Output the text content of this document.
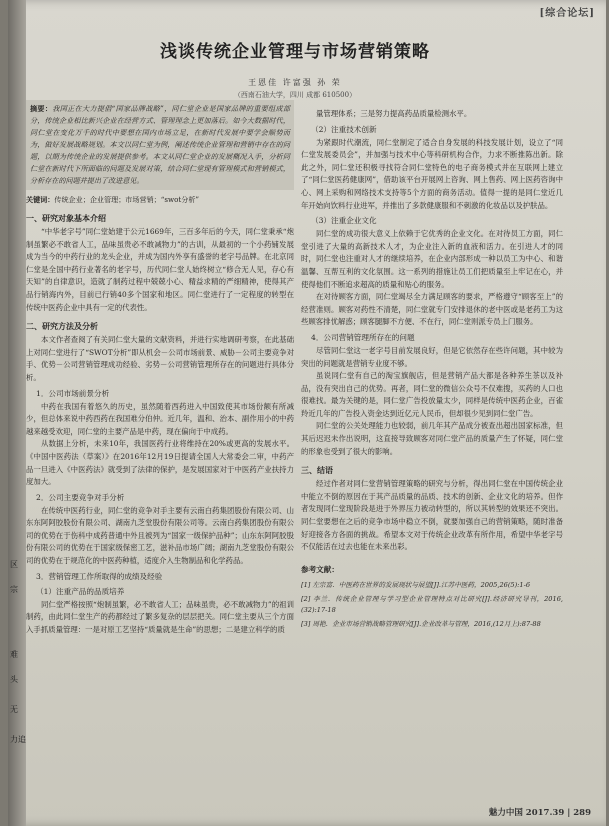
区
宗
难
头
无
力追
[综合论坛]
浅谈传统企业管理与市场营销策略
王恩佳 许富强 孙 荣
（西南石油大学，四川 成都 610500）

摘要：我国正在大力提倡“国家品牌战略”，同仁堂企业是国家品牌的重要组成部分，传统企业相比新兴企业在经营方式、管理理念上更加落后。如今大数据时代，同仁堂在变化万千的时代中要想在国内市场立足，在新时代发展中要学会顺势而为，做好发展战略规划。本文以同仁堂为例，阐述传统企业管理和营销中存在的问题，以期为传统企业的发展提供参考。本文从同仁堂企业的发展概况入手，分析同仁堂在新时代下所面临的问题及发展对策，结合同仁堂现有管理模式和营销模式，分析存在的问题并提出了改进意见。

关键词：传统企业；企业管理；市场营销；“swot分析”
一、研究对象基本介绍

“中华老字号”同仁堂始建于公元1669年，三百多年后的今天，同仁堂秉承“炮制虽繁必不敢省人工，品味虽贵必不敢减物力”的古训，从最初的一个小药铺发展成为当今的中药行业的龙头企业，并成为国内外享有盛誉的老字号品牌。在北京同仁堂是全国中药行业著名的老字号，历代同仁堂人始终树立“修合无人见，存心有天知”的自律意识，造就了制药过程中兢兢小心、精益求精的严细精神，使得其产品行销海内外，目前已行销40多个国家和地区。同仁堂进行了一定程度的转型在传统中医药企业中具有一定的代表性。

二、研究方法及分析

本文作者查阅了有关同仁堂大量的文献资料，并进行实地调研考察，在此基础上对同仁堂进行了“SWOT分析”即从机会－公司市场前景、威胁－公司主要竞争对手、优势－公司营销管理成功经验、劣势－公司营销管理所存在的问题进行具体分析。

1．公司市场前景分析

中药在我国有着悠久的历史，虽然随着西药进入中国致使其市场份额有所减少，但总体来说中药西药在我国难分伯仲。近几年，温和、治本、副作用小的中药越来越受欢迎，同仁堂的主要产品是中药，现在偏向于中成药。

从数据上分析，未来10年，我国医药行业将维持在20%或更高的发展水平。《中国中医药法（草案）》在2016年12月19日提请全国人大常委会二审，中药产品一旦进入《中医药法》就受到了法律的保护，是发展国家对于中医药产业扶持力度加大。

2．公司主要竞争对手分析

在传统中医药行业，同仁堂的竞争对手主要有云南白药集团股份有限公司、山东东阿阿胶股份有限公司、湖南九芝堂股份有限公司等。云南白药集团股份有限公司的优势在于伤科中成药普通中外且被列为“国家一级保护品种”；山东东阿阿胶股份有限公司的优势在于国家级保密工艺，滋补品市场广阔；湖南九芝堂股份有限公司的优势在于规范化的中医药种植，适度介入生物制品和化学药品。

3．营销管理工作所取得的成绩及经验
（1）注重产品的品质培养

同仁堂严格按照“炮制虽繁，必不敢省人工；品味虽贵，必不敢减物力”的祖训制药，由此同仁堂生产的药都经过了繁多复杂的层层把关。同仁堂主要从三个方面入手抓质量管理：一是对原工艺坚持“质量就是生命”的思想；二是建立科学的质

量管理体系；三是努力提高药品质量检测水平。

（2）注重技术创新

为紧跟时代潮流，同仁堂制定了适合自身发展的科技发展计划，设立了“同仁堂发展委员会”，并加强与技术中心等科研机构合作，力求不断推陈出新。除此之外，同仁堂还积极寻找符合同仁堂特色的电子商务模式并在互联网上建立了“同仁堂医药健康网”，借助该平台开展网上咨询、网上售药、网上医药咨询中心、网上采购和网络技术支持等5个方面的商务活动。值得一提的是同仁堂近几年开始向饮料行业进军，并推出了多款健康服和不刺激的化妆品以及护肤品。

（3）注重企业文化

同仁堂的成功很大意义上依赖于它优秀的企业文化。在对待员工方面，同仁堂引进了大量的高新技术人才，为企业注入新的血液和活力。在引进人才的同时，同仁堂也注重对人才的继续培养，在企业内部形成一种以员工为中心、和谐温馨、互帮互利的文化氛围。这一系列的措施让员工们把质量至上牢记在心，并使得他们不断追求超高的质量和贴心的服务。

在对待顾客方面，同仁堂竭尽全力满足顾客的要求，严格遵守“顾客至上”的经营准则。顾客对药性不清楚，同仁堂就专门安排退休的老中医或是老药工为这些顾客排忧解惑；顾客腿脚不方便、不在行，同仁堂则派专员上门服务。

4．公司营销管理所存在的问题

尽管同仁堂这一老字号目前发展良好，但是它依然存在些许问题，其中较为突出的问题就是营销专业度不够。

虽说同仁堂有自己的淘宝旗舰店，但是营销产品大都是各种养生茶以及补品，没有突出自己的优势。再者，同仁堂的微信公众号不仅难搜，买药的人口也很难找。最为关键的是，同仁堂广告投放量太少，同样是传统中医药企业，百雀羚近几年的广告投入资金达到近亿元人民币，但却很少见到同仁堂广告。

同仁堂的公关处理能力也较弱，前几年其产品成分被查出超出国家标准，但其后迟迟未作出说明，这直接导致顾客对同仁堂产品的质量产生了怀疑，同仁堂的形象也受到了很大的影响。

三、结语

经过作者对同仁堂营销管理策略的研究与分析，得出同仁堂在中国传统企业中能立不倒的原因在于其产品质量的品质、技术的创新、企业文化的培养。但作者发现同仁堂现阶段是进于外界压力被动转型的，所以其转型的效果还不突出。同仁堂要想在之后的竞争市场中稳立不倒，就要加强自己的营销策略，随时准备好迎接各方各面的挑战。希望本文对于传统企业改革有所作用，希望中华老字号不仅能活在过去也能在未来出彩。

参考文献：
[1] 左宗富．中医药在世界的发展现状与展望[J].江苏中医药，2005,26(5):1-6
[2] 李兰．传统企业管理与学习型企业管理特点对比研究[J].经济研究导刊，2016,(32):17-18
[3] 周艳．企业市场营销战略管理研究[J].企业改革与管理，2016,(12月上):87-88
魅力中国 2017.39 | 289
